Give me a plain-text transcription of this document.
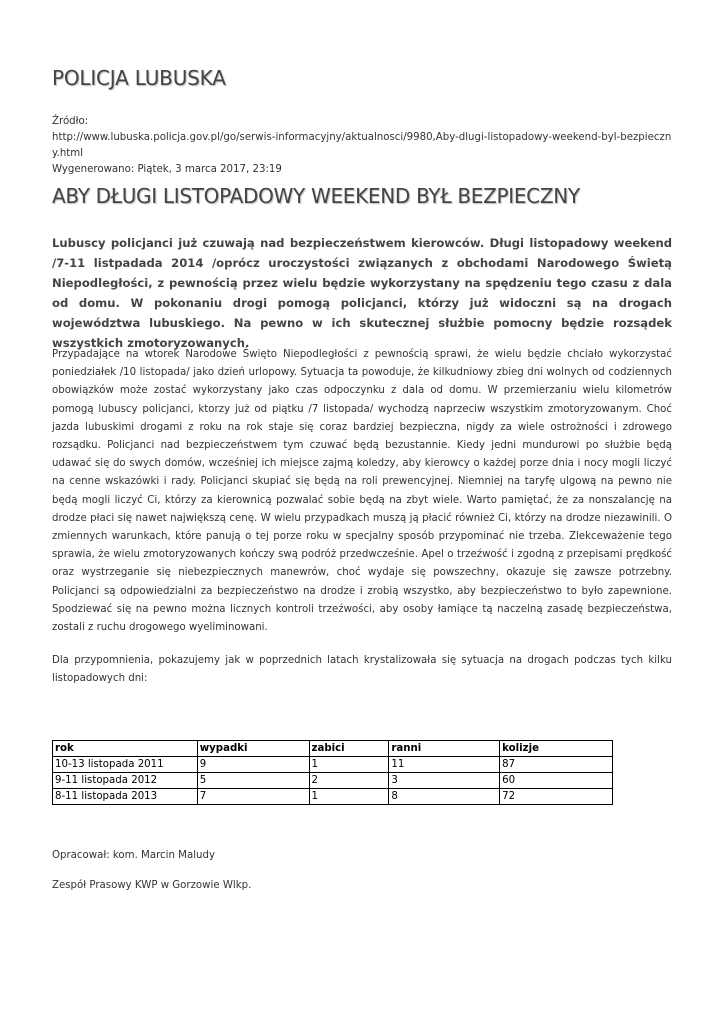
POLICJA LUBUSKA
Źródło:
http://www.lubuska.policja.gov.pl/go/serwis-informacyjny/aktualnosci/9980,Aby-dlugi-listopadowy-weekend-byl-bezpieczny.html
Wygenerowano: Piątek, 3 marca 2017, 23:19
ABY DŁUGI LISTOPADOWY WEEKEND BYŁ BEZPIECZNY

Lubuscy policjanci już czuwają nad bezpieczeństwem kierowców. Długi listopadowy weekend /7-11 listpadada 2014 /oprócz uroczystości związanych z obchodami Narodowego Świetą Niepodległości, z pewnością przez wielu będzie wykorzystany na spędzeniu tego czasu z dala od domu. W pokonaniu drogi pomogą policjanci, którzy już widoczni są na drogach województwa lubuskiego. Na pewno w ich skutecznej służbie pomocny będzie rozsądek wszystkich zmotoryzowanych.

Przypadające na wtorek Narodowe Święto Niepodległości z pewnością sprawi, że wielu będzie chciało wykorzystać poniedziałek /10 listopada/ jako dzień urlopowy. Sytuacja ta powoduje, że kilkudniowy zbieg dni wolnych od codziennych obowiązków może zostać wykorzystany jako czas odpoczynku z dala od domu. W przemierzaniu wielu kilometrów pomogą lubuscy policjanci, ktorzy już od piątku /7 listopada/ wychodzą naprzeciw wszystkim zmotoryzowanym. Choć jazda lubuskimi drogami z roku na rok staje się coraz bardziej bezpieczna, nigdy za wiele ostrożności i zdrowego rozsądku. Policjanci nad bezpieczeństwem tym czuwać będą bezustannie. Kiedy jedni mundurowi po służbie będą udawać się do swych domów, wcześniej ich miejsce zajmą koledzy, aby kierowcy o każdej porze dnia i nocy mogli liczyć na cenne wskazówki i rady. Policjanci skupiać się będą na roli prewencyjnej. Niemniej na taryfę ulgową na pewno nie będą mogli liczyć Ci, którzy za kierownicą pozwalać sobie będą na zbyt wiele. Warto pamiętać, że za nonszalancję na drodze płaci się nawet największą cenę. W wielu przypadkach muszą ją płacić również Ci, którzy na drodze niezawinili. O zmiennych warunkach, które panują o tej porze roku w specjalny sposób przypominać nie trzeba. Zlekceważenie tego sprawia, że wielu zmotoryzowanych kończy swą podróż przedwcześnie. Apel o trzeźwość i zgodną z przepisami prędkość oraz wystrzeganie się niebezpiecznych manewrów, choć wydaje się powszechny, okazuje się zawsze potrzebny. Policjanci są odpowiedzialni za bezpieczeństwo na drodze i zrobią wszystko, aby bezpieczeństwo to było zapewnione. Spodziewać się na pewno można licznych kontroli trzeźwości, aby osoby łamiące tą naczelną zasadę bezpieczeństwa, zostali z ruchu drogowego wyeliminowani.

Dla przypomnienia, pokazujemy jak w poprzednich latach krystalizowała się sytuacja na drogach podczas tych kilku listopadowych dni:

rok	wypadki	zabici	ranni	kolizje
10-13 listopada 2011	9	1	11	87
9-11 listopada 2012	5	2	3	60
8-11 listopada 2013	7	1	8	72

Opracował: kom. Marcin Maludy

Zespół Prasowy KWP w Gorzowie Wlkp.
